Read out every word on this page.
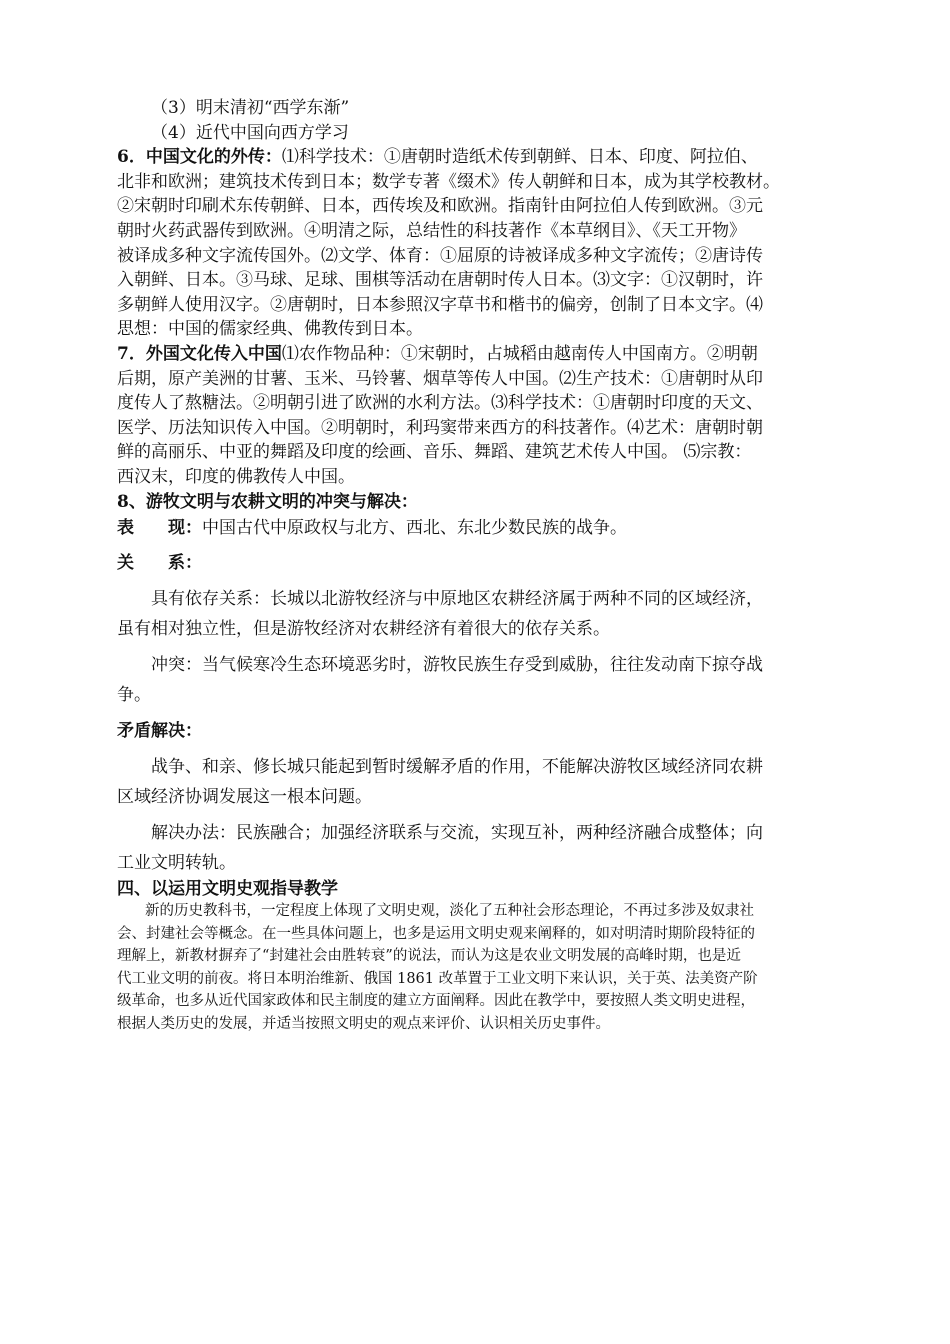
（3）明末清初“西学东渐”
（4）近代中国向西方学习
6．中国文化的外传：⑴科学技术：①唐朝时造纸术传到朝鲜、日本、印度、阿拉伯、
北非和欧洲；建筑技术传到日本；数学专著《缀术》传人朝鲜和日本，成为其学校教材。
②宋朝时印刷术东传朝鲜、日本，西传埃及和欧洲。指南针由阿拉伯人传到欧洲。③元
朝时火药武器传到欧洲。④明清之际，总结性的科技著作《本草纲目》、《天工开物》
被译成多种文字流传国外。⑵文学、体育：①屈原的诗被译成多种文字流传；②唐诗传
入朝鲜、日本。③马球、足球、围棋等活动在唐朝时传人日本。⑶文字：①汉朝时，许
多朝鲜人使用汉字。②唐朝时，日本参照汉字草书和楷书的偏旁，创制了日本文字。⑷
思想：中国的儒家经典、佛教传到日本。
7．外国文化传入中国⑴农作物品种：①宋朝时，占城稻由越南传人中国南方。②明朝
后期，原产美洲的甘薯、玉米、马铃薯、烟草等传人中国。⑵生产技术：①唐朝时从印
度传人了熬糖法。②明朝引进了欧洲的水利方法。⑶科学技术：①唐朝时印度的天文、
医学、历法知识传入中国。②明朝时，利玛窦带来西方的科技著作。⑷艺术：唐朝时朝
鲜的高丽乐、中亚的舞蹈及印度的绘画、音乐、舞蹈、建筑艺术传人中国。 ⑸宗教：
西汉末，印度的佛教传人中国。
8、游牧文明与农耕文明的冲突与解决：
表　　现：中国古代中原政权与北方、西北、东北少数民族的战争。
关　　系：
具有依存关系：长城以北游牧经济与中原地区农耕经济属于两种不同的区域经济，
虽有相对独立性，但是游牧经济对农耕经济有着很大的依存关系。
冲突：当气候寒冷生态环境恶劣时，游牧民族生存受到威胁，往往发动南下掠夺战
争。
矛盾解决：
战争、和亲、修长城只能起到暂时缓解矛盾的作用，不能解决游牧区域经济同农耕
区域经济协调发展这一根本问题。
解决办法：民族融合；加强经济联系与交流，实现互补，两种经济融合成整体；向
工业文明转轨。
四、以运用文明史观指导教学
新的历史教科书，一定程度上体现了文明史观，淡化了五种社会形态理论，不再过多涉及奴隶社
会、封建社会等概念。在一些具体问题上，也多是运用文明史观来阐释的，如对明清时期阶段特征的
理解上，新教材摒弃了“封建社会由胜转衰”的说法，而认为这是农业文明发展的高峰时期，也是近
代工业文明的前夜。将日本明治维新、俄国 1861 改革置于工业文明下来认识，关于英、法美资产阶
级革命，也多从近代国家政体和民主制度的建立方面阐释。因此在教学中，要按照人类文明史进程，
根据人类历史的发展，并适当按照文明史的观点来评价、认识相关历史事件。
